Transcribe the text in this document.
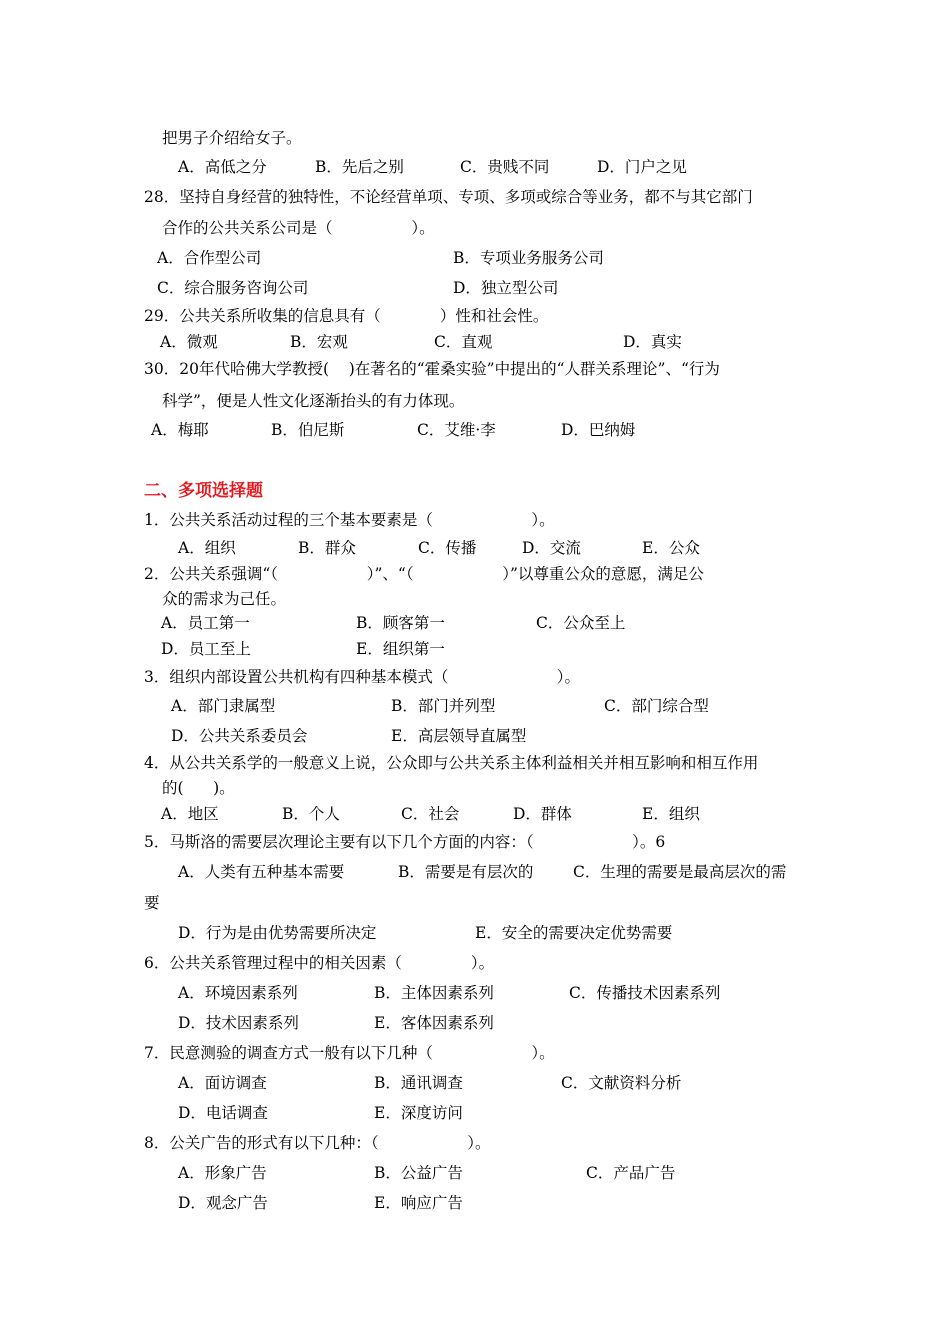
把男子介绍给女子。
A．高低之分	B．先后之别	C．贵贱不同	D．门户之见
28．坚持自身经营的独特性，不论经营单项、专项、多项或综合等业务，都不与其它部门
合作的公共关系公司是（                ）。
A．合作型公司	B．专项业务服务公司
C．综合服务咨询公司	D．独立型公司
29．公共关系所收集的信息具有（            ）性和社会性。
A．微观	B．宏观	C．直观	D．真实
30．20年代哈佛大学教授(    )在著名的“霍桑实验”中提出的“人群关系理论”、“行为
科学”，便是人性文化逐渐抬头的有力体现。
A．梅耶	B．伯尼斯	C．艾维·李	D．巴纳姆
二、多项选择题
1．公共关系活动过程的三个基本要素是（                    ）。
A．组织	B．群众	C．传播	D．交流	E．公众
2．公共关系强调“（                  ）”、“（                  ）”以尊重公众的意愿，满足公
众的需求为己任。
A．员工第一	B．顾客第一	C．公众至上
D．员工至上	E．组织第一
3．组织内部设置公共机构有四种基本模式（                      ）。
A．部门隶属型	B．部门并列型	C．部门综合型
D．公共关系委员会	E．高层领导直属型
4．从公共关系学的一般意义上说，公众即与公共关系主体利益相关并相互影响和相互作用
的(      )。
A．地区	B．个人	C．社会	D．群体	E．组织
5．马斯洛的需要层次理论主要有以下几个方面的内容：（                    ）。6
A．人类有五种基本需要	B．需要是有层次的	C．生理的需要是最高层次的需
要
D．行为是由优势需要所决定	E．安全的需要决定优势需要
6．公共关系管理过程中的相关因素（              ）。
A．环境因素系列	B．主体因素系列	C．传播技术因素系列
D．技术因素系列	E．客体因素系列
7．民意测验的调查方式一般有以下几种（                    ）。
A．面访调查	B．通讯调查	C．文献资料分析
D．电话调查	E．深度访问
8．公关广告的形式有以下几种：（                  ）。
A．形象广告	B．公益广告	C．产品广告
D．观念广告	E．响应广告
